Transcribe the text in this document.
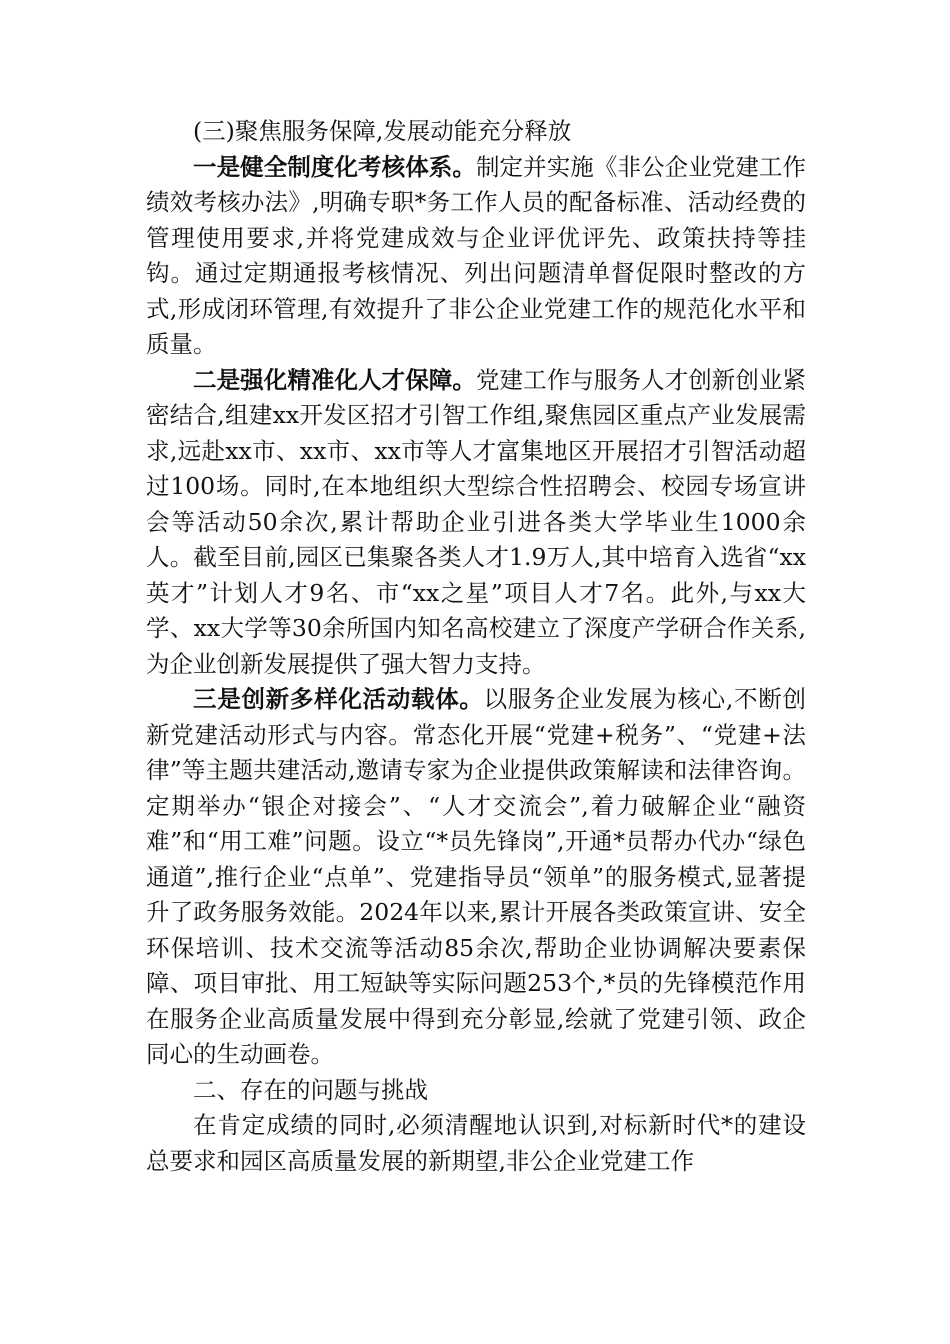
(三)聚焦服务保障,发展动能充分释放

一是健全制度化考核体系。制定并实施《非公企业党建工作绩效考核办法》,明确专职*务工作人员的配备标准、活动经费的管理使用要求,并将党建成效与企业评优评先、政策扶持等挂钩。通过定期通报考核情况、列出问题清单督促限时整改的方式,形成闭环管理,有效提升了非公企业党建工作的规范化水平和质量。

二是强化精准化人才保障。党建工作与服务人才创新创业紧密结合,组建xx开发区招才引智工作组,聚焦园区重点产业发展需求,远赴xx市、xx市、xx市等人才富集地区开展招才引智活动超过100场。同时,在本地组织大型综合性招聘会、校园专场宣讲会等活动50余次,累计帮助企业引进各类大学毕业生1000余人。截至目前,园区已集聚各类人才1.9万人,其中培育入选省“xx英才”计划人才9名、市“xx之星”项目人才7名。此外,与xx大学、xx大学等30余所国内知名高校建立了深度产学研合作关系,为企业创新发展提供了强大智力支持。

三是创新多样化活动载体。以服务企业发展为核心,不断创新党建活动形式与内容。常态化开展“党建+税务”、“党建+法律”等主题共建活动,邀请专家为企业提供政策解读和法律咨询。定期举办“银企对接会”、“人才交流会”,着力破解企业“融资难”和“用工难”问题。设立“*员先锋岗”,开通*员帮办代办“绿色通道”,推行企业“点单”、党建指导员“领单”的服务模式,显著提升了政务服务效能。2024年以来,累计开展各类政策宣讲、安全环保培训、技术交流等活动85余次,帮助企业协调解决要素保障、项目审批、用工短缺等实际问题253个,*员的先锋模范作用在服务企业高质量发展中得到充分彰显,绘就了党建引领、政企同心的生动画卷。

二、存在的问题与挑战

在肯定成绩的同时,必须清醒地认识到,对标新时代*的建设总要求和园区高质量发展的新期望,非公企业党建工作
